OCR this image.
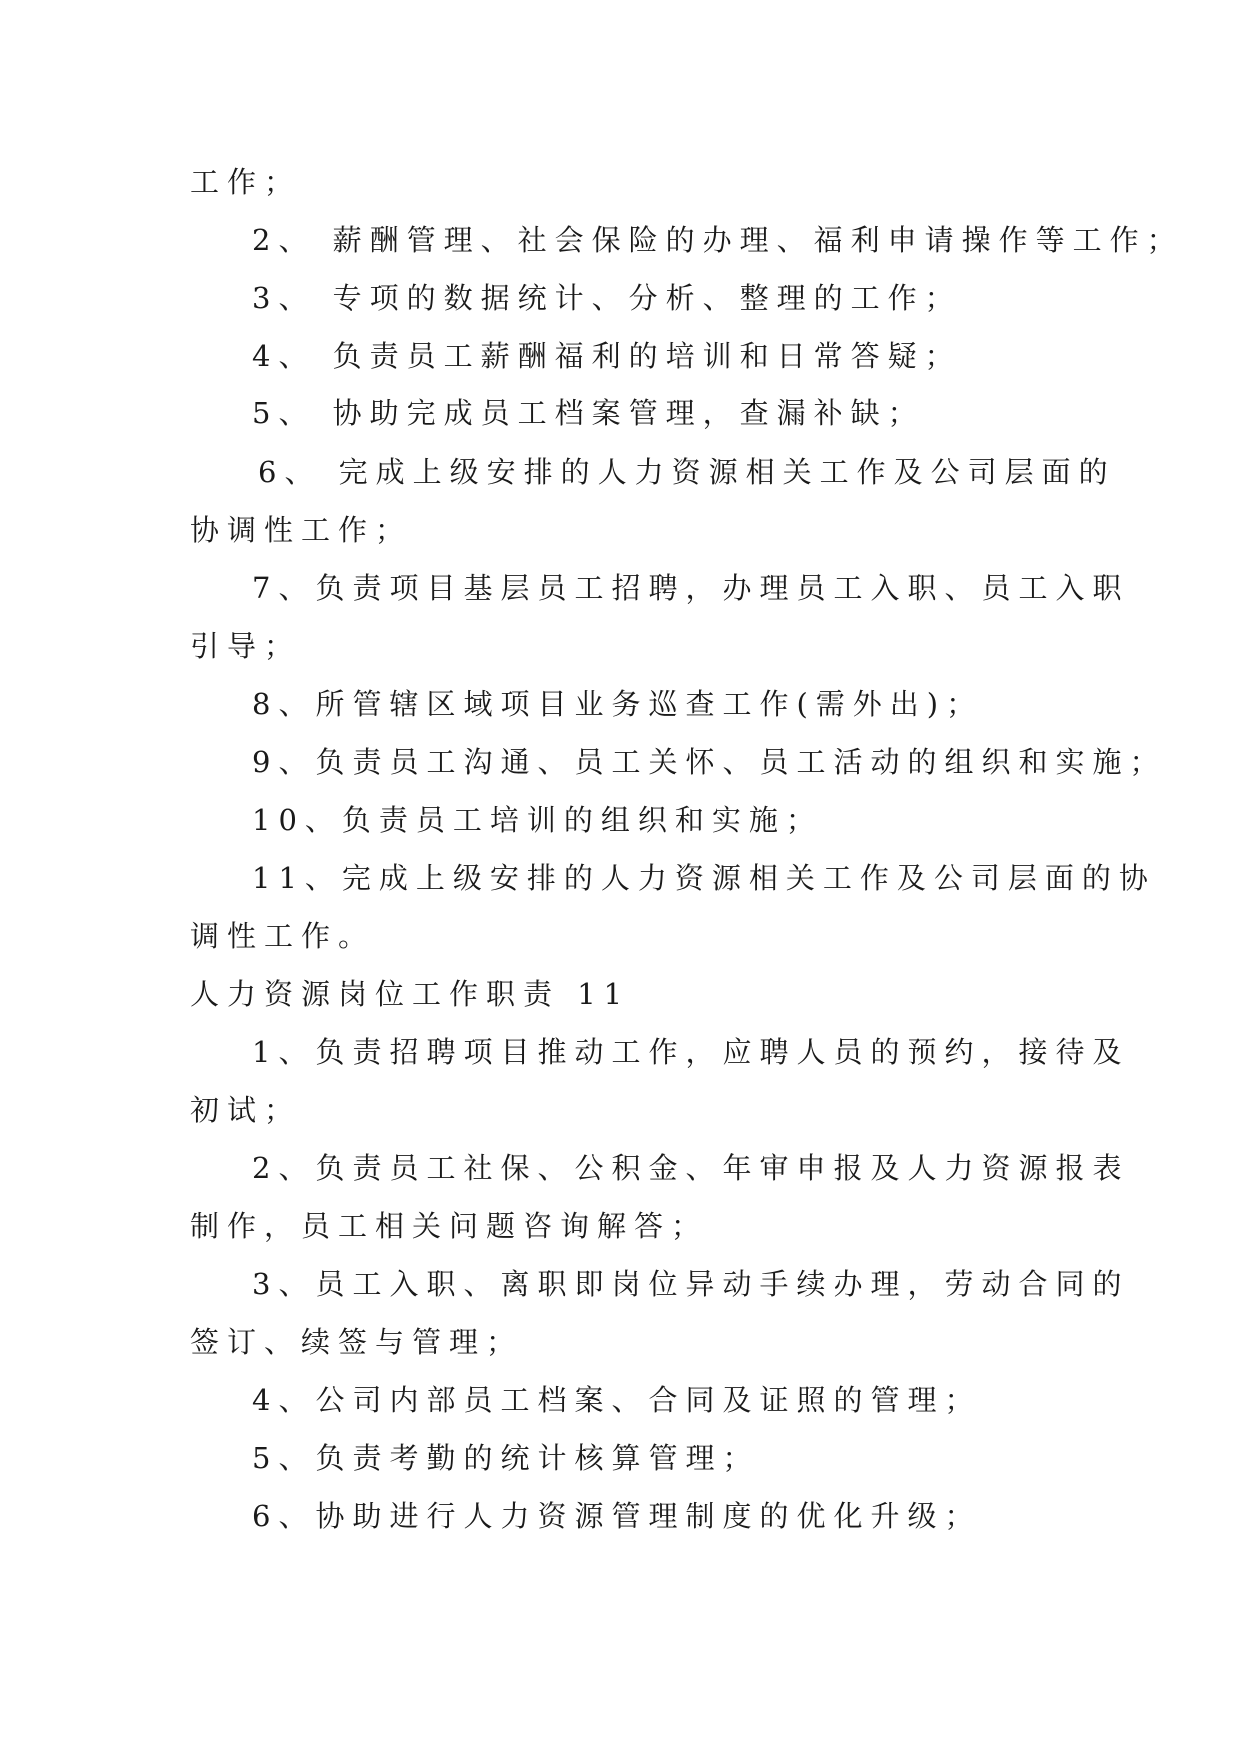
工作；
2、 薪酬管理、社会保险的办理、福利申请操作等工作；
3、 专项的数据统计、分析、整理的工作；
4、 负责员工薪酬福利的培训和日常答疑；
5、 协助完成员工档案管理，查漏补缺；
6、 完成上级安排的人力资源相关工作及公司层面的
协调性工作；
7、负责项目基层员工招聘，办理员工入职、员工入职
引导；
8、所管辖区域项目业务巡查工作(需外出)；
9、负责员工沟通、员工关怀、员工活动的组织和实施；
10、负责员工培训的组织和实施；
11、完成上级安排的人力资源相关工作及公司层面的协
调性工作。
人力资源岗位工作职责 11
1、负责招聘项目推动工作，应聘人员的预约，接待及
初试；
2、负责员工社保、公积金、年审申报及人力资源报表
制作，员工相关问题咨询解答；
3、员工入职、离职即岗位异动手续办理，劳动合同的
签订、续签与管理；
4、公司内部员工档案、合同及证照的管理；
5、负责考勤的统计核算管理；
6、协助进行人力资源管理制度的优化升级；
